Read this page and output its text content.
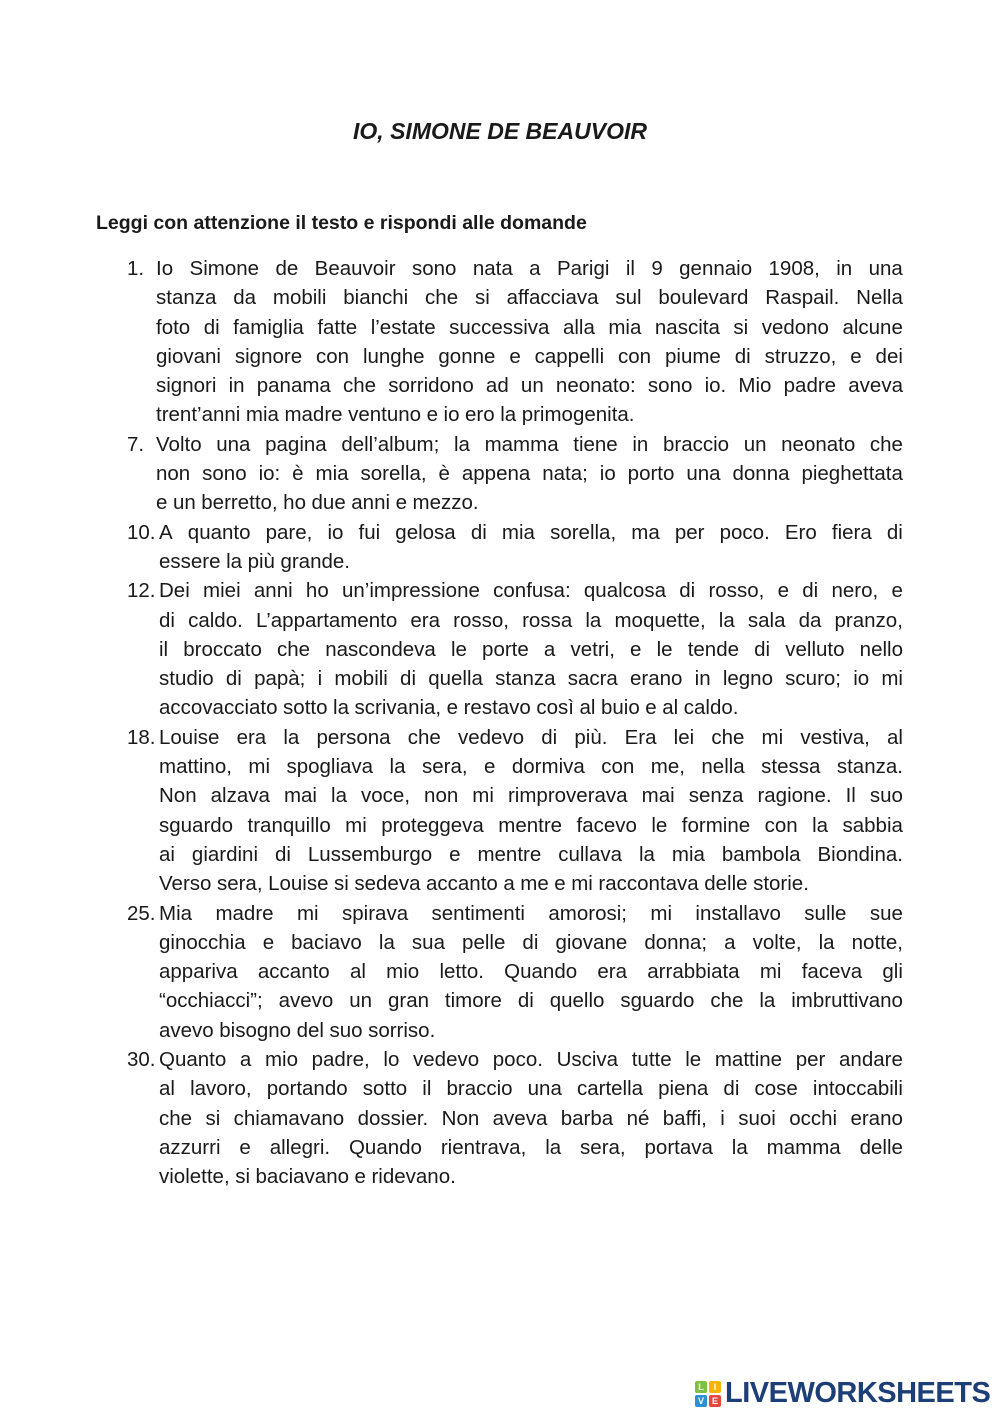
IO, SIMONE DE BEAUVOIR
Leggi con attenzione il testo e rispondi alle domande
1. Io Simone de Beauvoir sono nata a Parigi il 9 gennaio 1908, in una
stanza da mobili bianchi che si affacciava sul boulevard Raspail. Nella
foto di famiglia fatte l’estate successiva alla mia nascita si vedono alcune
giovani signore con lunghe gonne e cappelli con piume di struzzo, e dei
signori in panama che sorridono ad un neonato: sono io. Mio padre aveva
trent’anni mia madre ventuno e io ero la primogenita.
7. Volto una pagina dell’album; la mamma tiene in braccio un neonato che
non sono io: è mia sorella, è appena nata; io porto una donna pieghettata
e un berretto, ho due anni e mezzo.
10. A quanto pare, io fui gelosa di mia sorella, ma per poco. Ero fiera di
essere la più grande.
12. Dei miei anni ho un’impressione confusa: qualcosa di rosso, e di nero, e
di caldo. L’appartamento era rosso, rossa la moquette, la sala da pranzo,
il broccato che nascondeva le porte a vetri, e le tende di velluto nello
studio di papà; i mobili di quella stanza sacra erano in legno scuro; io mi
accovacciato sotto la scrivania, e restavo così al buio e al caldo.
18. Louise era la persona che vedevo di più. Era lei che mi vestiva, al
mattino, mi spogliava la sera, e dormiva con me, nella stessa stanza.
Non alzava mai la voce, non mi rimproverava mai senza ragione. Il suo
sguardo tranquillo mi proteggeva mentre facevo le formine con la sabbia
ai giardini di Lussemburgo e mentre cullava la mia bambola Biondina.
Verso sera, Louise si sedeva accanto a me e mi raccontava delle storie.
25. Mia madre mi spirava sentimenti amorosi; mi installavo sulle sue
ginocchia e baciavo la sua pelle di giovane donna; a volte, la notte,
appariva accanto al mio letto. Quando era arrabbiata mi faceva gli
“occhiacci”; avevo un gran timore di quello sguardo che la imbruttivano
avevo bisogno del suo sorriso.
30. Quanto a mio padre, lo vedevo poco. Usciva tutte le mattine per andare
al lavoro, portando sotto il braccio una cartella piena di cose intoccabili
che si chiamavano dossier. Non aveva barba né baffi, i suoi occhi erano
azzurri e allegri. Quando rientrava, la sera, portava la mamma delle
violette, si baciavano e ridevano.
L	I
V E LIVEWORKSHEETS
